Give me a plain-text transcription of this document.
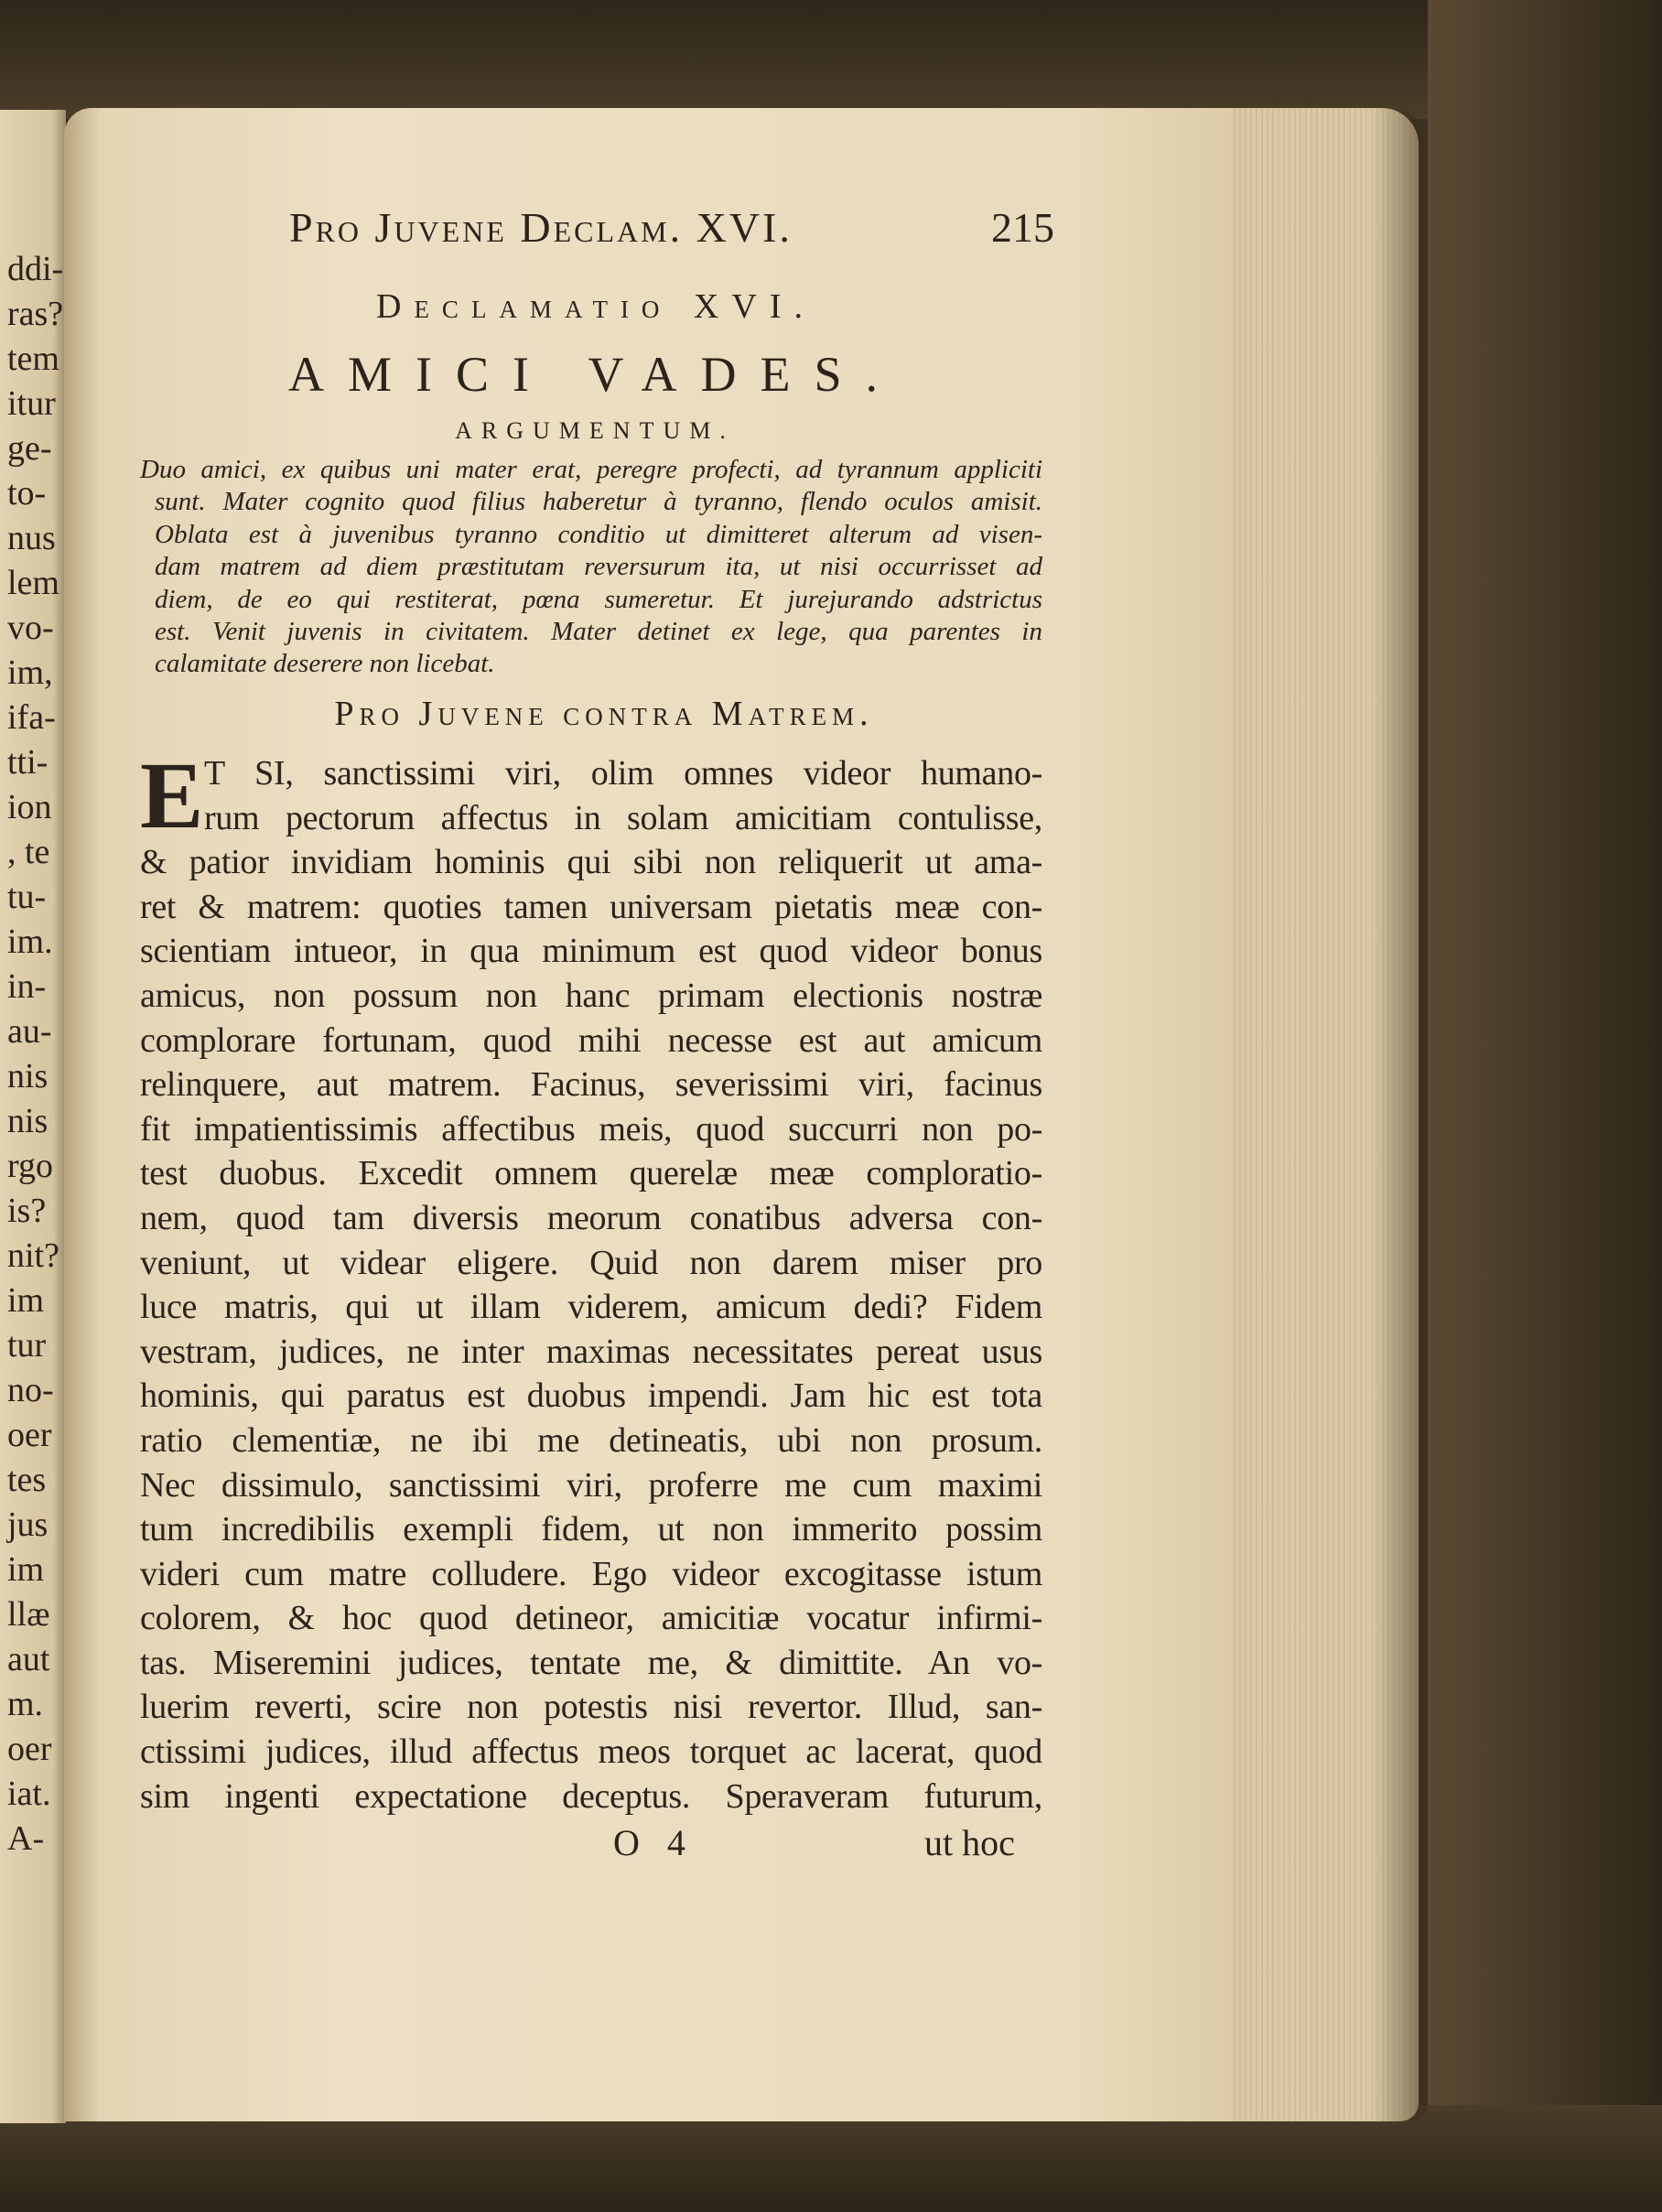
ddi-
ras?
tem
itur
ge-
to-
nus
lem
vo-
im,
ifa-
tti-
ion
, te
tu-
im.
in-
au-
nis
nis
rgo
is?
nit?
im
tur
no-
oer
tes
jus
im
llæ
aut
m.
oer
iat.
A-
Pro Juvene Declam. XVI.	215
Declamatio XVI.
AMICI VADES.
ARGUMENTUM.
Duo amici, ex quibus uni mater erat, peregre profecti, ad tyrannum appliciti
sunt. Mater cognito quod filius haberetur à tyranno, flendo oculos amisit.
Oblata est à juvenibus tyranno conditio ut dimitteret alterum ad visen-
dam matrem ad diem præstitutam reversurum ita, ut nisi occurrisset ad
diem, de eo qui restiterat, pœna sumeretur. Et jurejurando adstrictus
est. Venit juvenis in civitatem. Mater detinet ex lege, qua parentes in
calamitate deserere non licebat.
Pro Juvene contra Matrem.
E T SI, sanctissimi viri, olim omnes videor humano-
rum pectorum affectus in solam amicitiam contulisse,
& patior invidiam hominis qui sibi non reliquerit ut ama-
ret & matrem: quoties tamen universam pietatis meæ con-
scientiam intueor, in qua minimum est quod videor bonus
amicus, non possum non hanc primam electionis nostræ
complorare fortunam, quod mihi necesse est aut amicum
relinquere, aut matrem. Facinus, severissimi viri, facinus
fit impatientissimis affectibus meis, quod succurri non po-
test duobus. Excedit omnem querelæ meæ comploratio-
nem, quod tam diversis meorum conatibus adversa con-
veniunt, ut videar eligere. Quid non darem miser pro
luce matris, qui ut illam viderem, amicum dedi? Fidem
vestram, judices, ne inter maximas necessitates pereat usus
hominis, qui paratus est duobus impendi. Jam hic est tota
ratio clementiæ, ne ibi me detineatis, ubi non prosum.
Nec dissimulo, sanctissimi viri, proferre me cum maximi
tum incredibilis exempli fidem, ut non immerito possim
videri cum matre colludere. Ego videor excogitasse istum
colorem, & hoc quod detineor, amicitiæ vocatur infirmi-
tas. Miseremini judices, tentate me, & dimittite. An vo-
luerim reverti, scire non potestis nisi revertor. Illud, san-
ctissimi judices, illud affectus meos torquet ac lacerat, quod
sim ingenti expectatione deceptus. Speraveram futurum,
O 4	ut hoc
